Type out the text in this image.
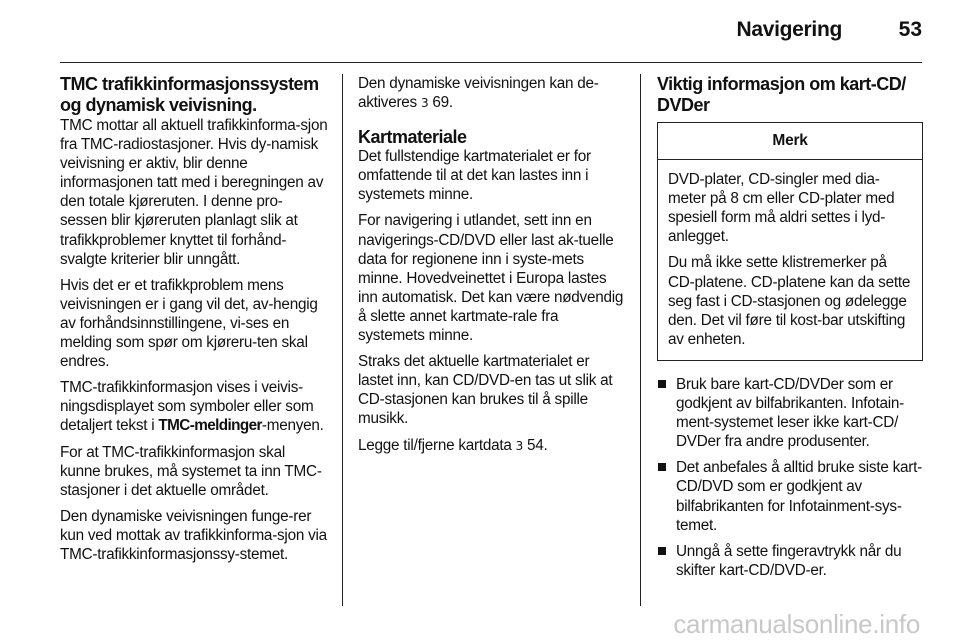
Navigering	53
TMC trafikkinformasjonssystem og dynamisk veivisning.

TMC mottar all aktuell trafikkinforma-sjon fra TMC-radiostasjoner. Hvis dy-namisk veivisning er aktiv, blir denne informasjonen tatt med i beregningen av den totale kjøreruten. I denne pro-sessen blir kjøreruten planlagt slik at trafikkproblemer knyttet til forhånd-svalgte kriterier blir unngått.

Hvis det er et trafikkproblem mens veivisningen er i gang vil det, av-hengig av forhåndsinnstillingene, vi-ses en melding som spør om kjøreru-ten skal endres.

TMC-trafikkinformasjon vises i veivis-ningsdisplayet som symboler eller som detaljert tekst i TMC-meldinger-menyen.

For at TMC-trafikkinformasjon skal kunne brukes, må systemet ta inn TMC-stasjoner i det aktuelle området.

Den dynamiske veivisningen funge-rer kun ved mottak av trafikkinforma-sjon via TMC-trafikkinformasjonssy-stemet.

Den dynamiske veivisningen kan de-aktiveres 3 69.

Kartmateriale

Det fullstendige kartmaterialet er for omfattende til at det kan lastes inn i systemets minne.

For navigering i utlandet, sett inn en navigerings-CD/DVD eller last ak-tuelle data for regionene inn i syste-mets minne. Hovedveinettet i Europa lastes inn automatisk. Det kan være nødvendig å slette annet kartmate-rale fra systemets minne.

Straks det aktuelle kartmaterialet er lastet inn, kan CD/DVD-en tas ut slik at CD-stasjonen kan brukes til å spille musikk.

Legge til/fjerne kartdata 3 54.

Viktig informasjon om kart-CD/ DVDer
Merk

DVD-plater, CD-singler med dia-meter på 8 cm eller CD-plater med spesiell form må aldri settes i lyd-anlegget.

Du må ikke sette klistremerker på CD-platene. CD-platene kan da sette seg fast i CD-stasjonen og ødelegge den. Det vil føre til kost-bar utskifting av enheten.

Bruk bare kart-CD/DVDer som er godkjent av bilfabrikanten. Infotain-ment-systemet leser ikke kart-CD/ DVDer fra andre produsenter.
Det anbefales å alltid bruke siste kart-CD/DVD som er godkjent av bilfabrikanten for Infotainment-sys-temet.
Unngå å sette fingeravtrykk når du skifter kart-CD/DVD-er.
carmanualsonline.info
